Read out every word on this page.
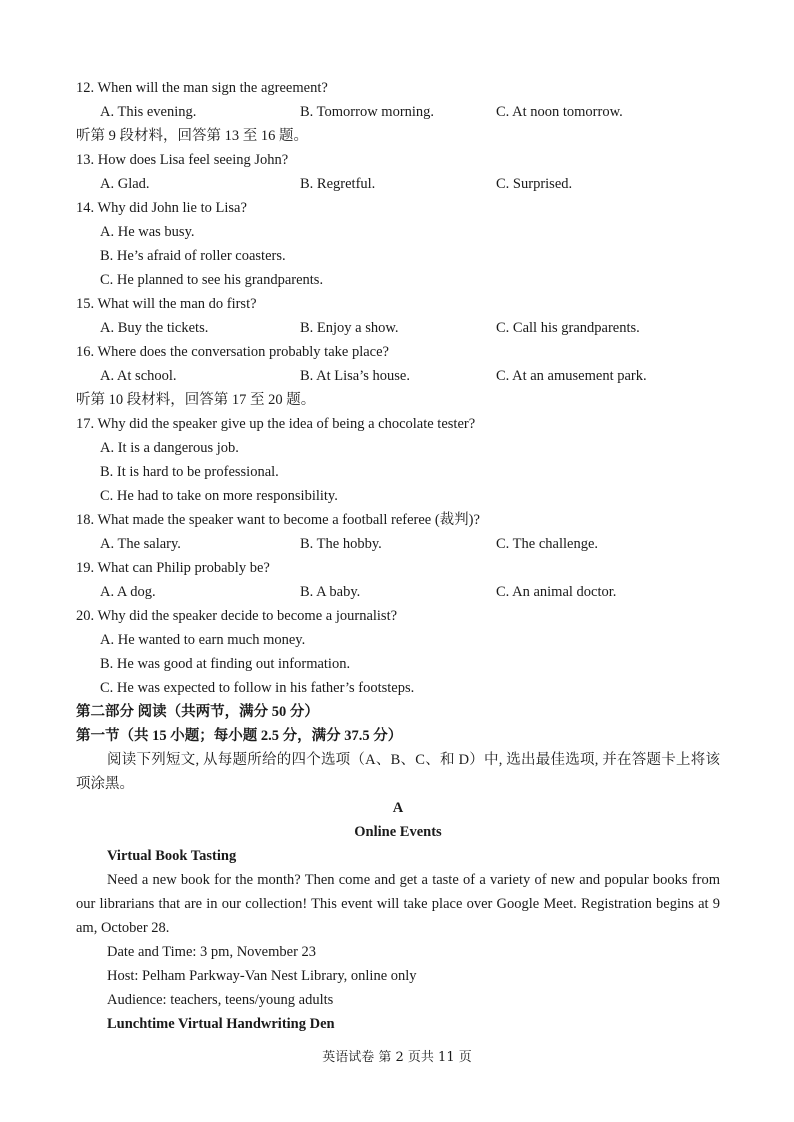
12. When will the man sign the agreement?
A. This evening.	B. Tomorrow morning.	C. At noon tomorrow.
听第 9 段材料，回答第 13 至 16 题。
13. How does Lisa feel seeing John?
A. Glad.	B. Regretful.	C. Surprised.
14. Why did John lie to Lisa?
A. He was busy.
B. He’s afraid of roller coasters.
C. He planned to see his grandparents.
15. What will the man do first?
A. Buy the tickets.	B. Enjoy a show.	C. Call his grandparents.
16. Where does the conversation probably take place?
A. At school.	B. At Lisa’s house.	C. At an amusement park.
听第 10 段材料，回答第 17 至 20 题。
17. Why did the speaker give up the idea of being a chocolate tester?
A. It is a dangerous job.
B. It is hard to be professional.
C. He had to take on more responsibility.
18. What made the speaker want to become a football referee (裁判)?
A. The salary.	B. The hobby.	C. The challenge.
19. What can Philip probably be?
A. A dog.	B. A baby.	C. An animal doctor.
20. Why did the speaker decide to become a journalist?
A. He wanted to earn much money.
B. He was good at finding out information.
C. He was expected to follow in his father’s footsteps.
第二部分 阅读（共两节，满分 50 分）
第一节（共 15 小题；每小题 2.5 分，满分 37.5 分）
阅读下列短文, 从每题所给的四个选项（A、B、C、和 D）中, 选出最佳选项, 并在答题卡上将该项涂黑。
A
Online Events
Virtual Book Tasting
Need a new book for the month? Then come and get a taste of a variety of new and popular books from our librarians that are in our collection! This event will take place over Google Meet. Registration begins at 9 am, October 28.
Date and Time: 3 pm, November 23
Host: Pelham Parkway-Van Nest Library, online only
Audience: teachers, teens/young adults
Lunchtime Virtual Handwriting Den
英语试卷 第 2 页共 11 页
